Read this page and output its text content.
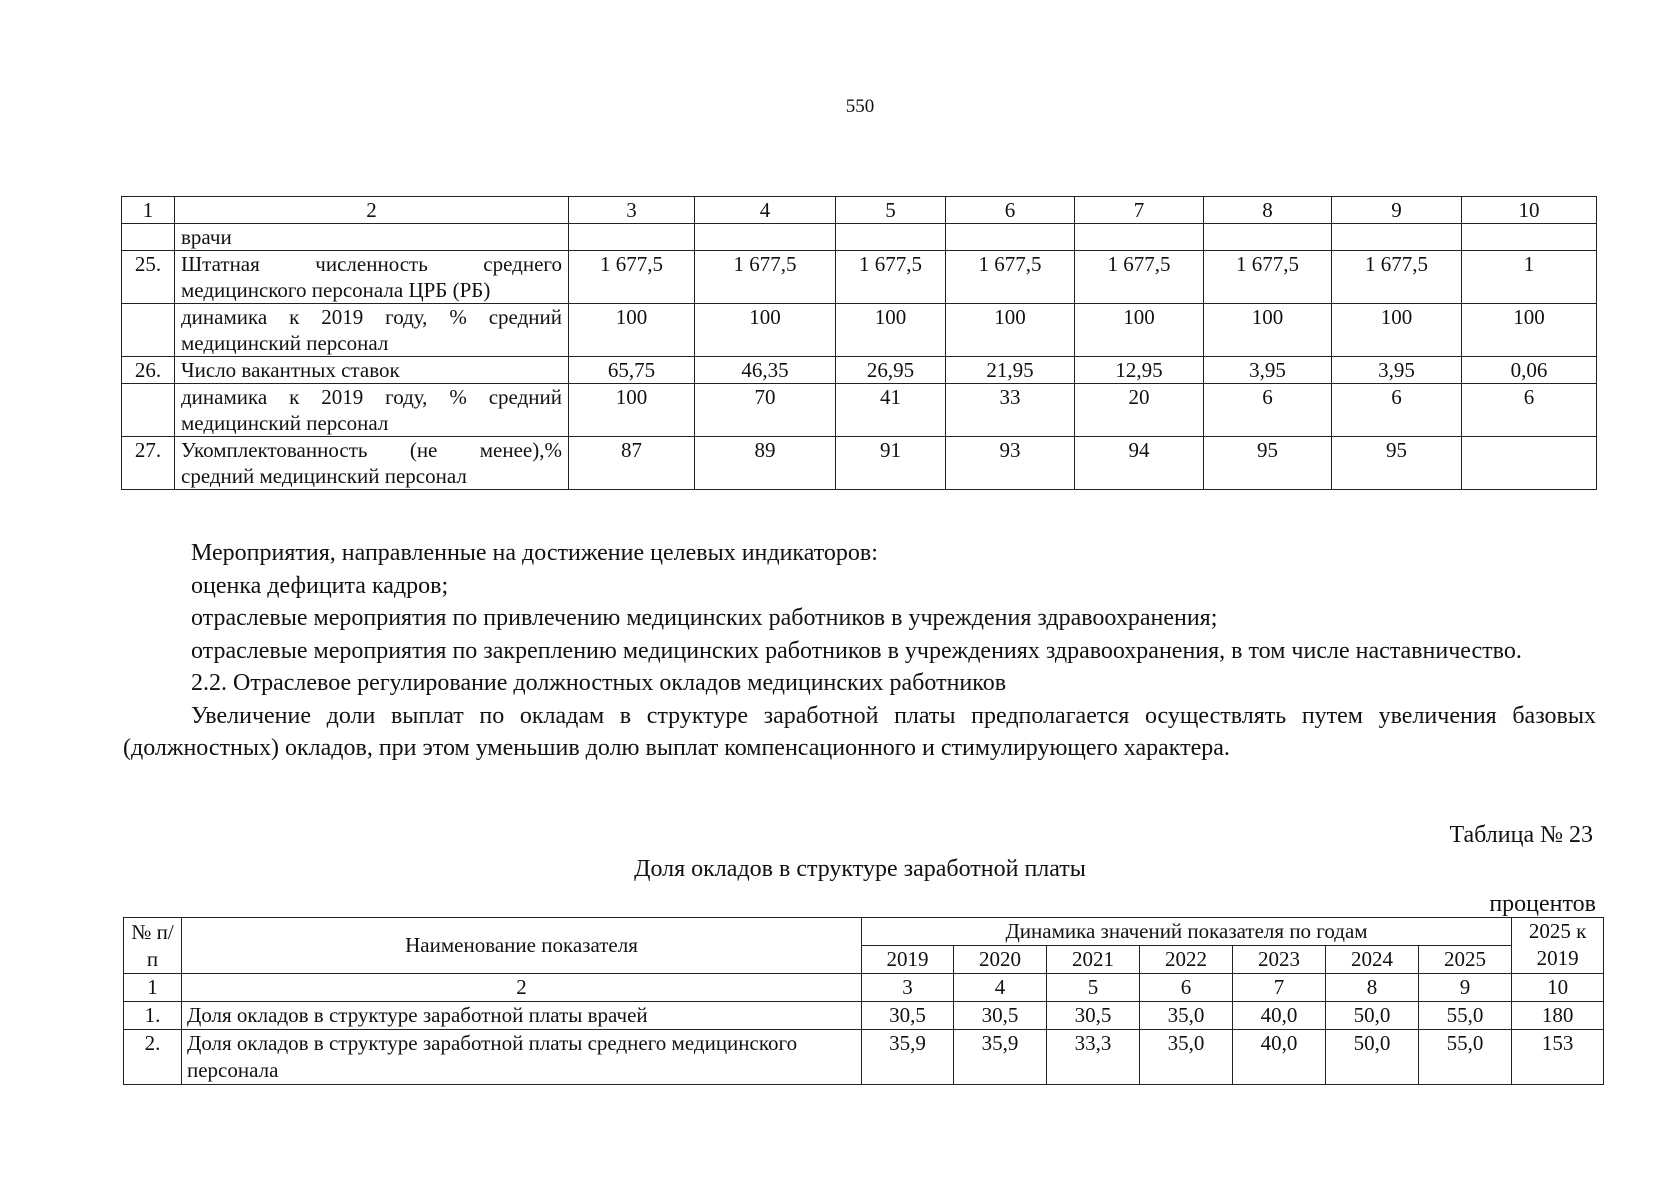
550
1	2	3	4	5	6	7	8	9	10
	врачи								
25.	Штатная численность среднего медицинского персонала ЦРБ (РБ)	1 677,5	1 677,5	1 677,5	1 677,5	1 677,5	1 677,5	1 677,5	1
	динамика к 2019 году, % средний медицинский персонал	100	100	100	100	100	100	100	100
26.	Число вакантных ставок	65,75	46,35	26,95	21,95	12,95	3,95	3,95	0,06
	динамика к 2019 году, % средний медицинский персонал	100	70	41	33	20	6	6	6
27.	Укомплектованность (не менее),% средний медицинский персонал	87	89	91	93	94	95	95	

Мероприятия, направленные на достижение целевых индикаторов:

оценка дефицита кадров;

отраслевые мероприятия по привлечению медицинских работников в учреждения здравоохранения;

отраслевые мероприятия по закреплению медицинских работников в учреждениях здравоохранения, в том числе наставничество.

2.2. Отраслевое регулирование должностных окладов медицинских работников

Увеличение доли выплат по окладам в структуре заработной платы предполагается осуществлять путем увеличения базовых (должностных) окладов, при этом уменьшив долю выплат компенсационного и стимулирующего характера.

Таблица № 23
Доля окладов в структуре заработной платы
процентов
№ п/п	Наименование показателя	Динамика значений показателя по годам							2025 к 2019
		2019	2020	2021	2022	2023	2024	2025	
1	2	3	4	5	6	7	8	9	10
1.	Доля окладов в структуре заработной платы врачей	30,5	30,5	30,5	35,0	40,0	50,0	55,0	180
2.	Доля окладов в структуре заработной платы среднего медицинского персонала	35,9	35,9	33,3	35,0	40,0	50,0	55,0	153
